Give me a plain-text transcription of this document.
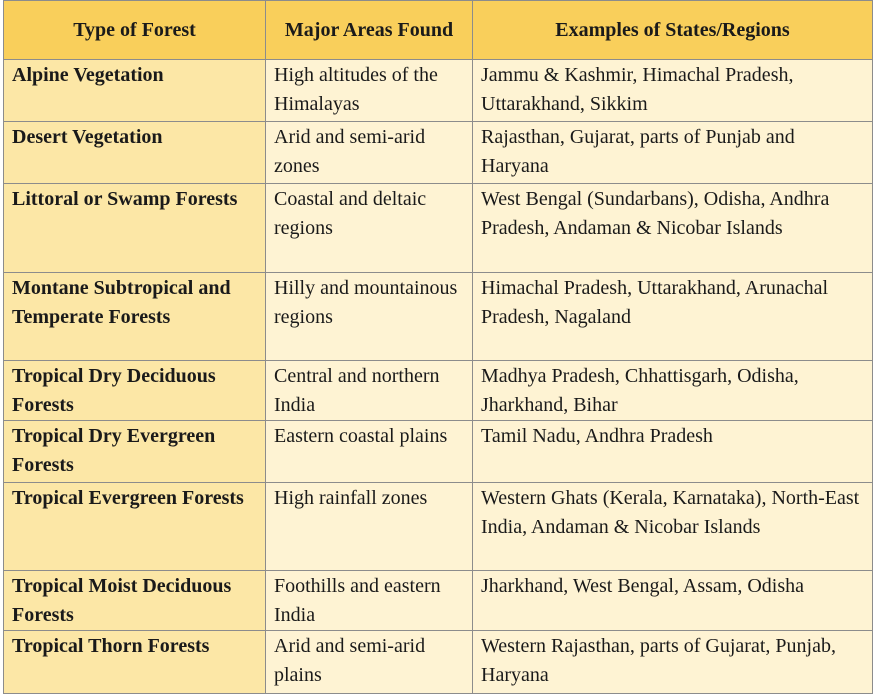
Type of Forest	Major Areas Found	Examples of States/Regions
Alpine Vegetation	High altitudes of the Himalayas	Jammu & Kashmir, Himachal Pradesh, Uttarakhand, Sikkim
Desert Vegetation	Arid and semi-arid zones	Rajasthan, Gujarat, parts of Punjab and Haryana
Littoral or Swamp Forests	Coastal and deltaic regions	West Bengal (Sundarbans), Odisha, Andhra Pradesh, Andaman & Nicobar Islands
Montane Subtropical and Temperate Forests	Hilly and mountainous regions	Himachal Pradesh, Uttarakhand, Arunachal Pradesh, Nagaland
Tropical Dry Deciduous Forests	Central and northern India	Madhya Pradesh, Chhattisgarh, Odisha, Jharkhand, Bihar
Tropical Dry Evergreen Forests	Eastern coastal plains	Tamil Nadu, Andhra Pradesh
Tropical Evergreen Forests	High rainfall zones	Western Ghats (Kerala, Karnataka), North-East India, Andaman & Nicobar Islands
Tropical Moist Deciduous Forests	Foothills and eastern India	Jharkhand, West Bengal, Assam, Odisha
Tropical Thorn Forests	Arid and semi-arid plains	Western Rajasthan, parts of Gujarat, Punjab, Haryana
